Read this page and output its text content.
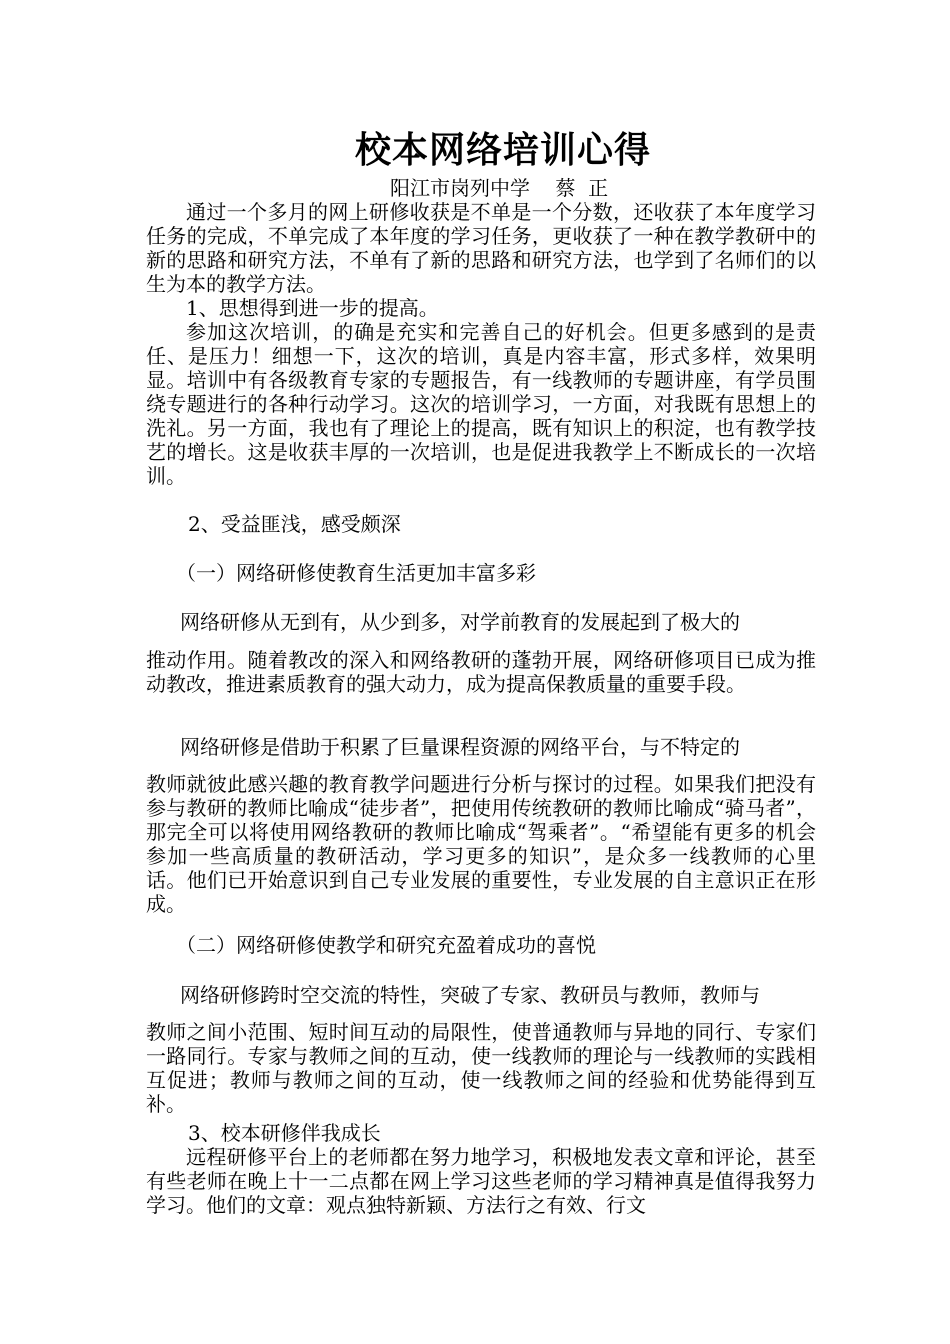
校本网络培训心得
阳江市岗列中学    蔡  正
通过一个多月的网上研修收获是不单是一个分数，还收获了本年度学习任务的完成，不单完成了本年度的学习任务，更收获了一种在教学教研中的新的思路和研究方法，不单有了新的思路和研究方法，也学到了名师们的以生为本的教学方法。
1、思想得到进一步的提高。
参加这次培训，的确是充实和完善自己的好机会。但更多感到的是责任、是压力！细想一下，这次的培训，真是内容丰富，形式多样，效果明显。培训中有各级教育专家的专题报告，有一线教师的专题讲座，有学员围绕专题进行的各种行动学习。这次的培训学习，一方面，对我既有思想上的洗礼。另一方面，我也有了理论上的提高，既有知识上的积淀，也有教学技艺的增长。这是收获丰厚的一次培训，也是促进我教学上不断成长的一次培训。
2、受益匪浅，感受颇深
（一）网络研修使教育生活更加丰富多彩
网络研修从无到有，从少到多，对学前教育的发展起到了极大的
推动作用。随着教改的深入和网络教研的蓬勃开展，网络研修项目已成为推动教改，推进素质教育的强大动力，成为提高保教质量的重要手段。
网络研修是借助于积累了巨量课程资源的网络平台，与不特定的
教师就彼此感兴趣的教育教学问题进行分析与探讨的过程。如果我们把没有参与教研的教师比喻成“徒步者”，把使用传统教研的教师比喻成“骑马者”， 那完全可以将使用网络教研的教师比喻成“驾乘者”。“希望能有更多的机会参加一些高质量的教研活动，学习更多的知识”，是众多一线教师的心里话。他们已开始意识到自己专业发展的重要性，专业发展的自主意识正在形成。
（二）网络研修使教学和研究充盈着成功的喜悦
网络研修跨时空交流的特性，突破了专家、教研员与教师，教师与
教师之间小范围、短时间互动的局限性，使普通教师与异地的同行、专家们一路同行。专家与教师之间的互动，使一线教师的理论与一线教师的实践相互促进；教师与教师之间的互动，使一线教师之间的经验和优势能得到互补。
3、校本研修伴我成长
远程研修平台上的老师都在努力地学习，积极地发表文章和评论，甚至有些老师在晚上十一二点都在网上学习这些老师的学习精神真是值得我努力学习。他们的文章：观点独特新颖、方法行之有效、行文
